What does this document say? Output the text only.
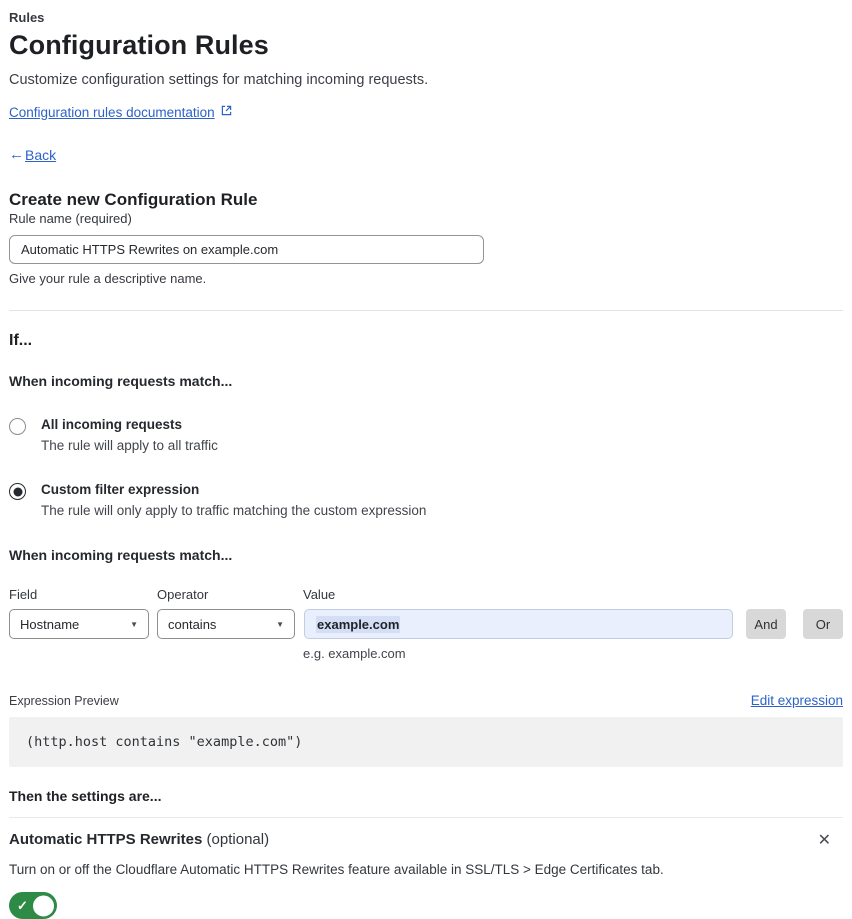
Rules
Configuration Rules
Customize configuration settings for matching incoming requests.
Configuration rules documentation
← Back
Create new Configuration Rule
Rule name (required)
Automatic HTTPS Rewrites on example.com
Give your rule a descriptive name.
If...
When incoming requests match...
All incoming requests
The rule will apply to all traffic
Custom filter expression
The rule will only apply to traffic matching the custom expression
When incoming requests match...
Field	Operator	Value
Hostname	▼ contains	▼	example.com	And	Or
e.g. example.com
Expression Preview	Edit expression
(http.host contains "example.com")
Then the settings are...
Automatic HTTPS Rewrites (optional)	✕
Turn on or off the Cloudflare Automatic HTTPS Rewrites feature available in SSL/TLS > Edge Certificates tab.
✓
